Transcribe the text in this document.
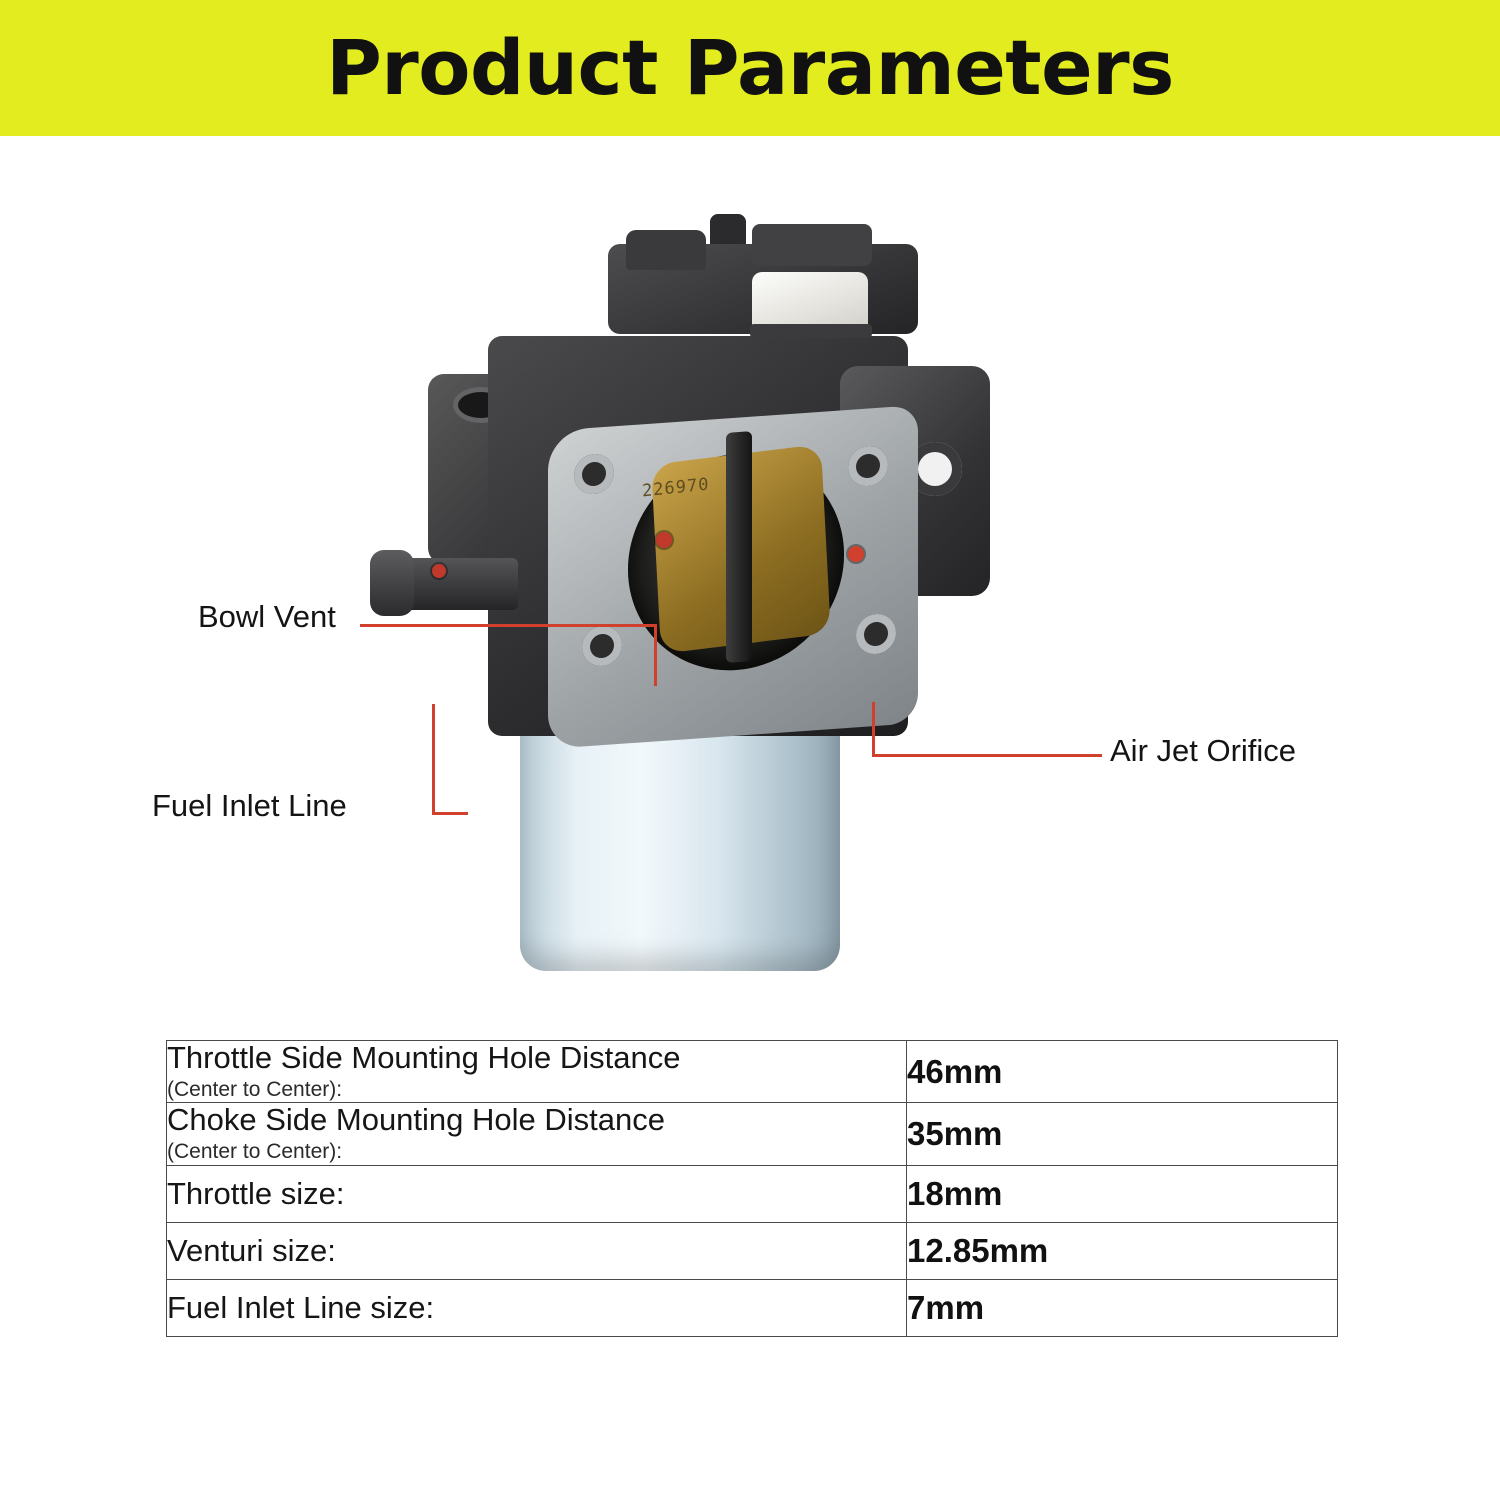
Product Parameters
226970
Bowl Vent
Fuel Inlet Line
Air Jet Orifice
Throttle Side Mounting Hole Distance
(Center to Center):	46mm

Choke Side Mounting Hole Distance
(Center to Center):	35mm

Throttle size:	18mm

Venturi size:	12.85mm

Fuel Inlet Line size:	7mm
